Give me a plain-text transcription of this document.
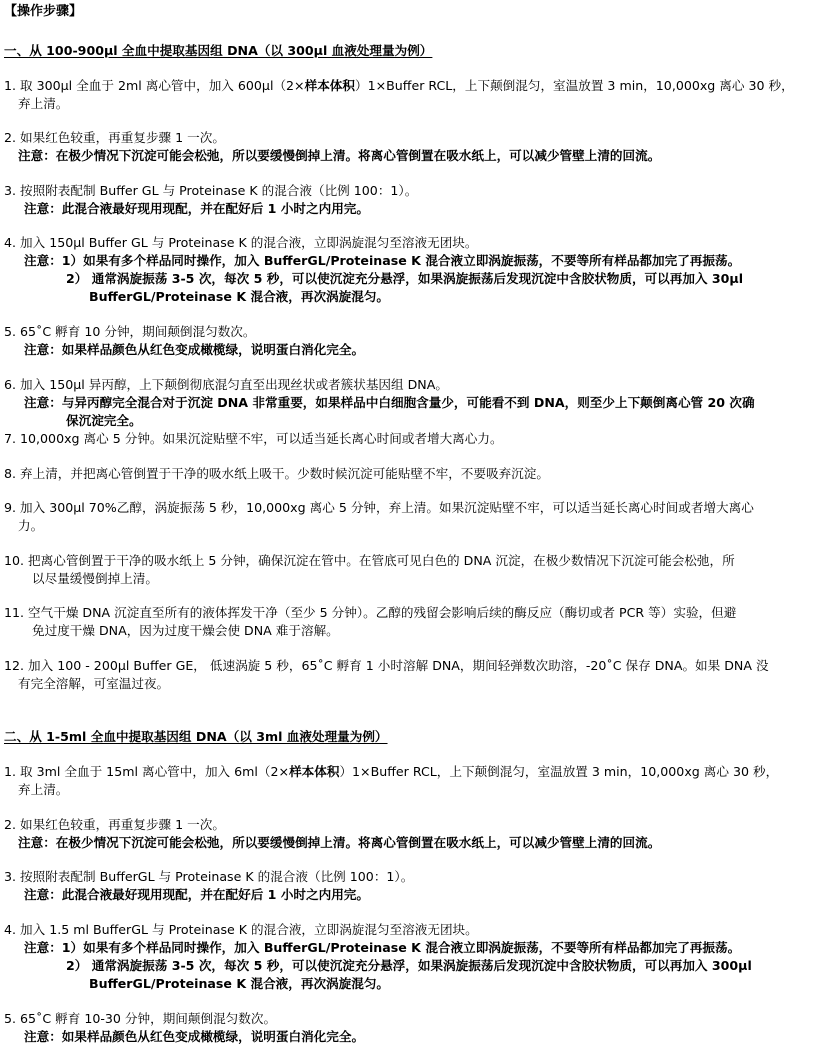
【操作步骤】
一、从 100-900µl 全血中提取基因组 DNA（以 300µl 血液处理量为例）
1. 取 300µl 全血于 2ml 离心管中，加入 600µl（2×样本体积）1×Buffer RCL，上下颠倒混匀，室温放置 3 min，10,000xg 离心 30 秒，
弃上清。
2. 如果红色较重，再重复步骤 1 一次。
注意：在极少情况下沉淀可能会松弛，所以要缓慢倒掉上清。将离心管倒置在吸水纸上，可以减少管壁上清的回流。
3. 按照附表配制 Buffer GL 与 Proteinase K 的混合液（比例 100：1）。
注意：此混合液最好现用现配，并在配好后 1 小时之内用完。
4. 加入 150µl Buffer GL 与 Proteinase K 的混合液，立即涡旋混匀至溶液无团块。
注意：1）如果有多个样品同时操作，加入 BufferGL/Proteinase K 混合液立即涡旋振荡，不要等所有样品都加完了再振荡。
2） 通常涡旋振荡 3-5 次，每次 5 秒，可以使沉淀充分悬浮，如果涡旋振荡后发现沉淀中含胶状物质，可以再加入 30µl
BufferGL/Proteinase K 混合液，再次涡旋混匀。
5. 65˚C 孵育 10 分钟，期间颠倒混匀数次。
注意：如果样品颜色从红色变成橄榄绿，说明蛋白消化完全。
6. 加入 150µl 异丙醇，上下颠倒彻底混匀直至出现丝状或者簇状基因组 DNA。
注意：与异丙醇完全混合对于沉淀 DNA 非常重要，如果样品中白细胞含量少，可能看不到 DNA，则至少上下颠倒离心管 20 次确
保沉淀完全。
7. 10,000xg 离心 5 分钟。如果沉淀贴壁不牢，可以适当延长离心时间或者增大离心力。
8. 弃上清，并把离心管倒置于干净的吸水纸上吸干。少数时候沉淀可能贴壁不牢，不要吸弃沉淀。
9. 加入 300µl 70%乙醇，涡旋振荡 5 秒，10,000xg 离心 5 分钟，弃上清。如果沉淀贴壁不牢，可以适当延长离心时间或者增大离心
力。
10. 把离心管倒置于干净的吸水纸上 5 分钟，确保沉淀在管中。在管底可见白色的 DNA 沉淀，在极少数情况下沉淀可能会松弛，所
以尽量缓慢倒掉上清。
11. 空气干燥 DNA 沉淀直至所有的液体挥发干净（至少 5 分钟）。乙醇的残留会影响后续的酶反应（酶切或者 PCR 等）实验，但避
免过度干燥 DNA，因为过度干燥会使 DNA 难于溶解。
12. 加入 100 - 200µl Buffer GE， 低速涡旋 5 秒，65˚C 孵育 1 小时溶解 DNA，期间轻弹数次助溶，-20˚C 保存 DNA。如果 DNA 没
有完全溶解，可室温过夜。
二、从 1-5ml 全血中提取基因组 DNA（以 3ml 血液处理量为例）
1. 取 3ml 全血于 15ml 离心管中，加入 6ml（2×样本体积）1×Buffer RCL，上下颠倒混匀，室温放置 3 min，10,000xg 离心 30 秒，
弃上清。
2. 如果红色较重，再重复步骤 1 一次。
注意：在极少情况下沉淀可能会松弛，所以要缓慢倒掉上清。将离心管倒置在吸水纸上，可以减少管壁上清的回流。
3. 按照附表配制 BufferGL 与 Proteinase K 的混合液（比例 100：1）。
注意：此混合液最好现用现配，并在配好后 1 小时之内用完。
4. 加入 1.5 ml BufferGL 与 Proteinase K 的混合液，立即涡旋混匀至溶液无团块。
注意：1）如果有多个样品同时操作，加入 BufferGL/Proteinase K 混合液立即涡旋振荡，不要等所有样品都加完了再振荡。
2） 通常涡旋振荡 3-5 次，每次 5 秒，可以使沉淀充分悬浮，如果涡旋振荡后发现沉淀中含胶状物质，可以再加入 300µl
BufferGL/Proteinase K 混合液，再次涡旋混匀。
5. 65˚C 孵育 10-30 分钟，期间颠倒混匀数次。
注意：如果样品颜色从红色变成橄榄绿，说明蛋白消化完全。
